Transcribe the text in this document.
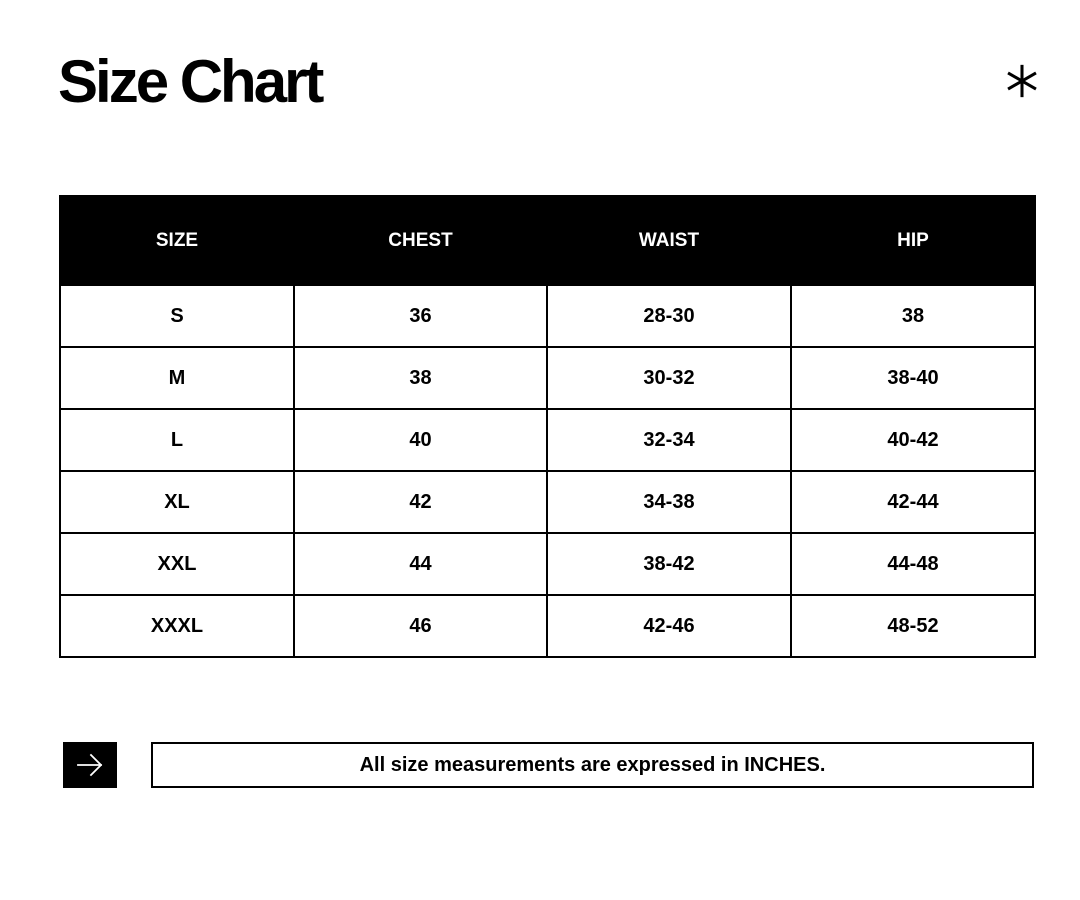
Size Chart
SIZE	CHEST	WAIST	HIP
S	36	28-30	38
M	38	30-32	38-40
L	40	32-34	40-42
XL	42	34-38	42-44
XXL	44	38-42	44-48
XXXL	46	42-46	48-52
All size measurements are expressed in INCHES.
